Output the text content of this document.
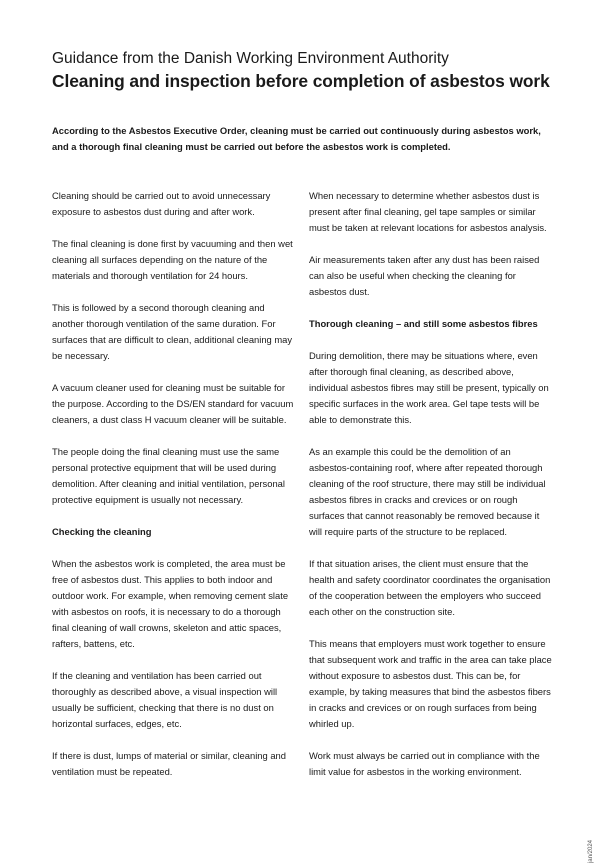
Guidance from the Danish Working Environment Authority
Cleaning and inspection before completion of asbestos work

According to the Asbestos Executive Order, cleaning must be carried out continuously during asbestos work, and a thorough final cleaning must be carried out before the asbestos work is completed.

Cleaning should be carried out to avoid unnecessary exposure to asbestos dust during and after work.

The final cleaning is done first by vacuuming and then wet cleaning all surfaces depending on the nature of the materials and thorough ventilation for 24 hours.

This is followed by a second thorough cleaning and another thorough ventilation of the same duration. For surfaces that are difficult to clean, additional cleaning may be necessary.

A vacuum cleaner used for cleaning must be suitable for the purpose. According to the DS/EN standard for vacuum cleaners, a dust class H vacuum cleaner will be suitable.

The people doing the final cleaning must use the same personal protective equipment that will be used during demolition. After cleaning and initial ventilation, personal protective equipment is usually not necessary.

Checking the cleaning

When the asbestos work is completed, the area must be free of asbestos dust. This applies to both indoor and outdoor work. For example, when removing cement slate with asbestos on roofs, it is necessary to do a thorough final cleaning of wall crowns, skeleton and attic spaces, rafters, battens, etc.

If the cleaning and ventilation has been carried out thoroughly as described above, a visual inspection will usually be sufficient, checking that there is no dust on horizontal surfaces, edges, etc.

If there is dust, lumps of material or similar, cleaning and ventilation must be repeated.

When necessary to determine whether asbestos dust is present after final cleaning, gel tape samples or similar must be taken at relevant locations for asbestos analysis.

Air measurements taken after any dust has been raised can also be useful when checking the cleaning for asbestos dust.

Thorough cleaning – and still some asbestos fibres

During demolition, there may be situations where, even after thorough final cleaning, as described above, individual asbestos fibres may still be present, typically on specific surfaces in the work area. Gel tape tests will be able to demonstrate this.

As an example this could be the demolition of an asbestos-containing roof, where after repeated thorough cleaning of the roof structure, there may still be individual asbestos fibres in cracks and crevices or on rough surfaces that cannot reasonably be removed because it will require parts of the structure to be replaced.

If that situation arises, the client must ensure that the health and safety coordinator coordinates the organisation of the cooperation between the employers who succeed each other on the construction site.

This means that employers must work together to ensure that subsequent work and traffic in the area can take place without exposure to asbestos dust. This can be, for example, by taking measures that bind the asbestos fibers in cracks and crevices or on rough surfaces from being whirled up.

Work must always be carried out in compliance with the limit value for asbestos in the working environment.

jan/2024
